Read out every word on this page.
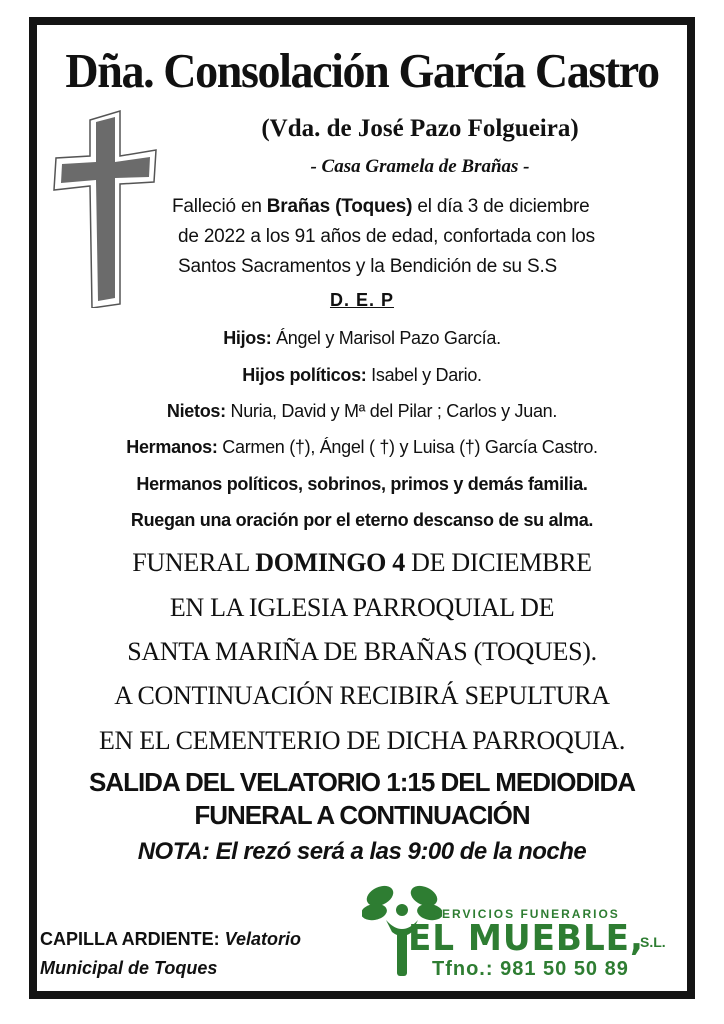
Dña. Consolación García Castro
(Vda. de José Pazo Folgueira)
- Casa Gramela de Brañas -
Falleció en Brañas (Toques) el día 3 de diciembre
de 2022 a los 91 años de edad, confortada con los
Santos Sacramentos y la Bendición de su S.S
D. E. P
Hijos: Ángel y Marisol Pazo García.
Hijos políticos: Isabel y Dario.
Nietos: Nuria, David y Mª del Pilar ; Carlos y Juan.
Hermanos: Carmen (†), Ángel ( †) y Luisa (†) García Castro.
Hermanos políticos, sobrinos, primos y demás familia.
Ruegan una oración por el eterno descanso de su alma.
FUNERAL DOMINGO 4 DE DICIEMBRE
EN LA IGLESIA PARROQUIAL DE
SANTA MARIÑA DE BRAÑAS (TOQUES).
A CONTINUACIÓN RECIBIRÁ SEPULTURA
EN EL CEMENTERIO DE DICHA PARROQUIA.
SALIDA DEL VELATORIO 1:15 DEL MEDIODIDA
FUNERAL A CONTINUACIÓN
NOTA: El rezó será a las 9:00 de la noche
CAPILLA ARDIENTE: Velatorio
Municipal de Toques
SERVICIOS FUNERARIOS
EL MUEBLE,
S.L.
Tfno.: 981 50 50 89
